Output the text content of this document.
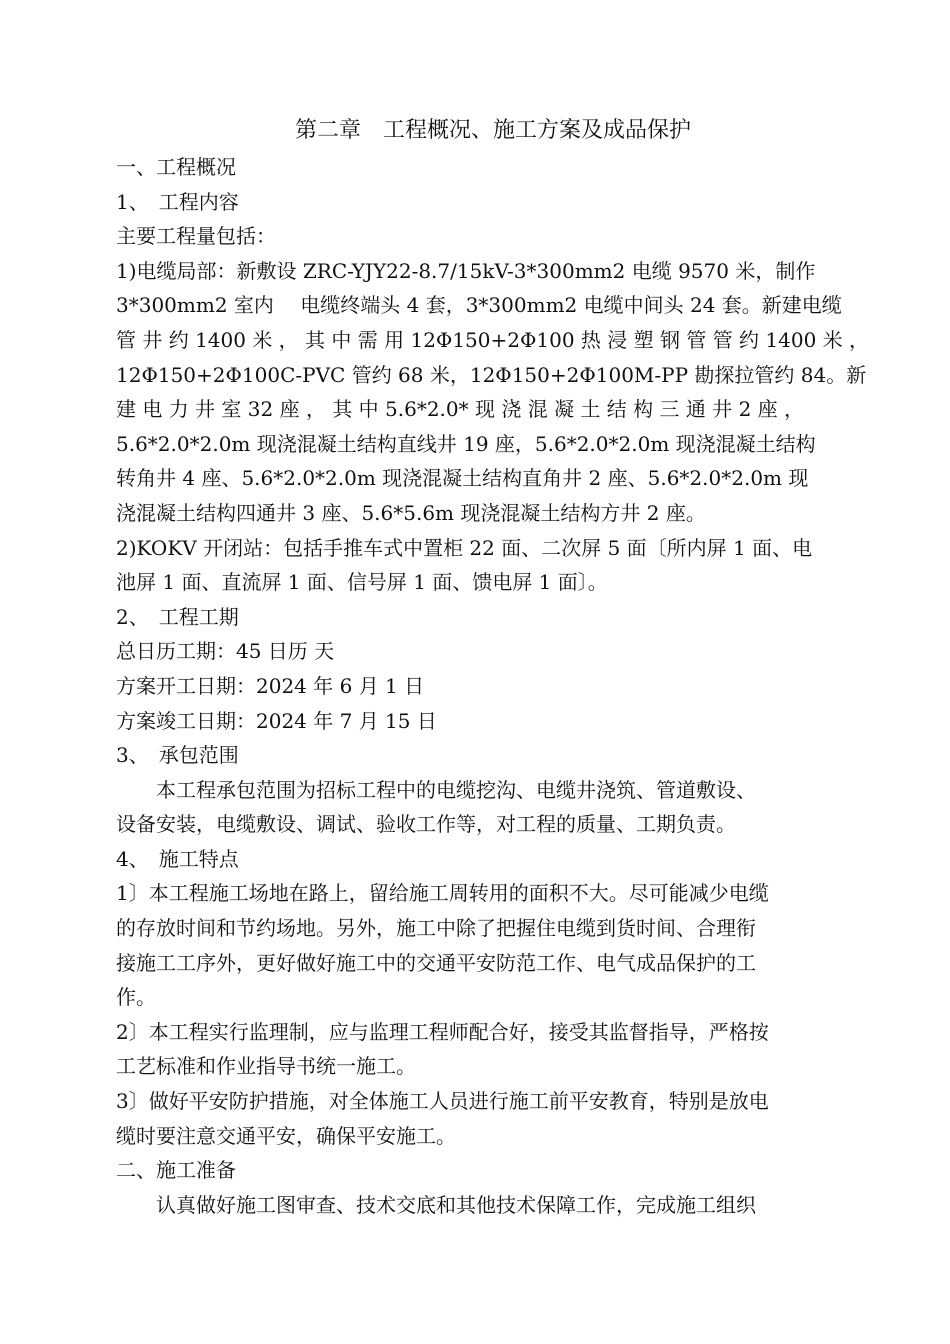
第二章　工程概况、施工方案及成品保护

一、工程概况

1、　工程内容

主要工程量包括：

1)电缆局部：新敷设 ZRC-YJY22-8.7/15kV-3*300mm2 电缆 9570 米，制作

3*300mm2 室内　 电缆终端头 4 套，3*300mm2 电缆中间头 24 套。新建电缆

管 井 约 1400 米 ， 其 中 需 用 12Φ150+2Φ100 热 浸 塑 钢 管 管 约 1400 米 ，

12Φ150+2Φ100C-PVC 管约 68 米，12Φ150+2Φ100M-PP 勘探拉管约 84。新

建 电 力 井 室 32 座 ， 其 中 5.6*2.0* 现 浇 混 凝 土 结 构 三 通 井 2 座 ，

5.6*2.0*2.0m 现浇混凝土结构直线井 19 座，5.6*2.0*2.0m 现浇混凝土结构

转角井 4 座、5.6*2.0*2.0m 现浇混凝土结构直角井 2 座、5.6*2.0*2.0m 现

浇混凝土结构四通井 3 座、5.6*5.6m 现浇混凝土结构方井 2 座。

2)KOKV 开闭站：包括手推车式中置柜 22 面、二次屏 5 面〔所内屏 1 面、电

池屏 1 面、直流屏 1 面、信号屏 1 面、馈电屏 1 面〕。

2、　工程工期

总日历工期：45 日历 天

方案开工日期：2024 年 6 月 1 日

方案竣工日期：2024 年 7 月 15 日

3、　承包范围

本工程承包范围为招标工程中的电缆挖沟、电缆井浇筑、管道敷设、

设备安装，电缆敷设、调试、验收工作等，对工程的质量、工期负责。

4、　施工特点

1〕本工程施工场地在路上，留给施工周转用的面积不大。尽可能减少电缆

的存放时间和节约场地。另外，施工中除了把握住电缆到货时间、合理衔

接施工工序外，更好做好施工中的交通平安防范工作、电气成品保护的工

作。

2〕本工程实行监理制，应与监理工程师配合好，接受其监督指导，严格按

工艺标准和作业指导书统一施工。

3〕做好平安防护措施，对全体施工人员进行施工前平安教育，特别是放电

缆时要注意交通平安，确保平安施工。

二、施工准备

认真做好施工图审查、技术交底和其他技术保障工作，完成施工组织
